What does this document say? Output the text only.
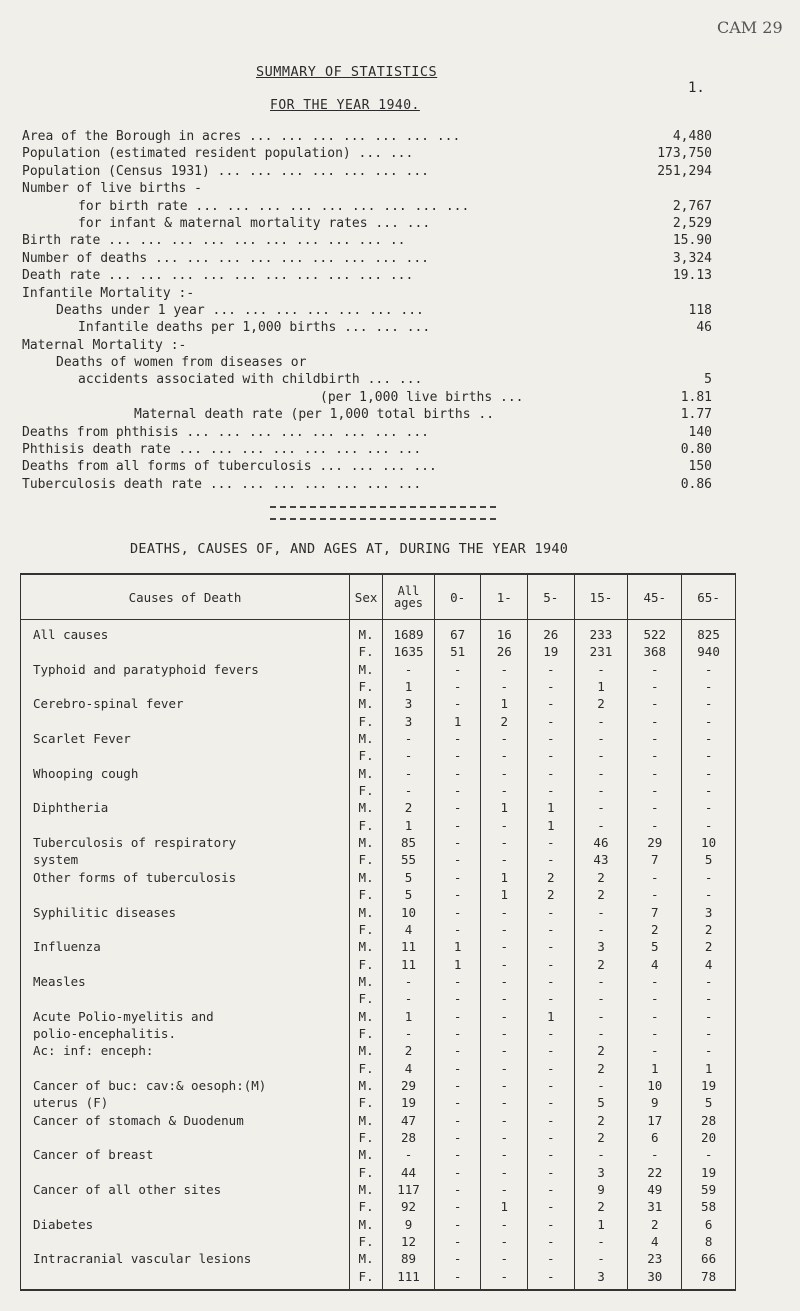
CAM 29
SUMMARY OF STATISTICS
1.
FOR THE YEAR 1940.
Area of the Borough in acres ... ... ... ... ... ... ...	4,480
Population (estimated resident population) ... ...	173,750
Population (Census 1931) ... ... ... ... ... ... ...	251,294
Number of live births -
for birth rate ... ... ... ... ... ... ... ... ...	2,767
for infant & maternal mortality rates ... ...	2,529
Birth rate ... ... ... ... ... ... ... ... ... ..	15.90
Number of deaths ... ... ... ... ... ... ... ... ...	3,324
Death rate ... ... ... ... ... ... ... ... ... ...	19.13
Infantile Mortality :-
Deaths under 1 year ... ... ... ... ... ... ...	118
Infantile deaths per 1,000 births ... ... ...	46
Maternal Mortality :-
Deaths of women from diseases or
accidents associated with childbirth ... ...	5
(per 1,000 live births ...	1.81
Maternal death rate (per 1,000 total births ..	1.77
Deaths from phthisis ... ... ... ... ... ... ... ...	140
Phthisis death rate ... ... ... ... ... ... ... ...	0.80
Deaths from all forms of tuberculosis ... ... ... ...	150
Tuberculosis death rate ... ... ... ... ... ... ...	0.86
DEATHS, CAUSES OF, AND AGES AT, DURING THE YEAR 1940
Causes of Death	Sex	All ages	0-	1-	5-	15-	45-	65-
All causes	M.	1689	67	16	26	233	522	825
	F.	1635	51	26	19	231	368	940
Typhoid and paratyphoid fevers	M.	-	-	-	-	-	-	-
	F.	1	-	-	-	1	-	-
Cerebro-spinal fever	M.	3	-	1	-	2	-	-
	F.	3	1	2	-	-	-	-
Scarlet Fever	M.	-	-	-	-	-	-	-
	F.	-	-	-	-	-	-	-
Whooping cough	M.	-	-	-	-	-	-	-
	F.	-	-	-	-	-	-	-
Diphtheria	M.	2	-	1	1	-	-	-
	F.	1	-	-	1	-	-	-
Tuberculosis of respiratory	M.	85	-	-	-	46	29	10
system	F.	55	-	-	-	43	7	5
Other forms of tuberculosis	M.	5	-	1	2	2	-	-
	F.	5	-	1	2	2	-	-
Syphilitic diseases	M.	10	-	-	-	-	7	3
	F.	4	-	-	-	-	2	2
Influenza	M.	11	1	-	-	3	5	2
	F.	11	1	-	-	2	4	4
Measles	M.	-	-	-	-	-	-	-
	F.	-	-	-	-	-	-	-
Acute Polio-myelitis and	M.	1	-	-	1	-	-	-
polio-encephalitis.	F.	-	-	-	-	-	-	-
Ac: inf: enceph:	M.	2	-	-	-	2	-	-
	F.	4	-	-	-	2	1	1
Cancer of buc: cav:& oesoph:(M)	M.	29	-	-	-	-	10	19
uterus (F)	F.	19	-	-	-	5	9	5
Cancer of stomach & Duodenum	M.	47	-	-	-	2	17	28
	F.	28	-	-	-	2	6	20
Cancer of breast	M.	-	-	-	-	-	-	-
	F.	44	-	-	-	3	22	19
Cancer of all other sites	M.	117	-	-	-	9	49	59
	F.	92	-	1	-	2	31	58
Diabetes	M.	9	-	-	-	1	2	6
	F.	12	-	-	-	-	4	8
Intracranial vascular lesions	M.	89	-	-	-	-	23	66
	F.	111	-	-	-	3	30	78
